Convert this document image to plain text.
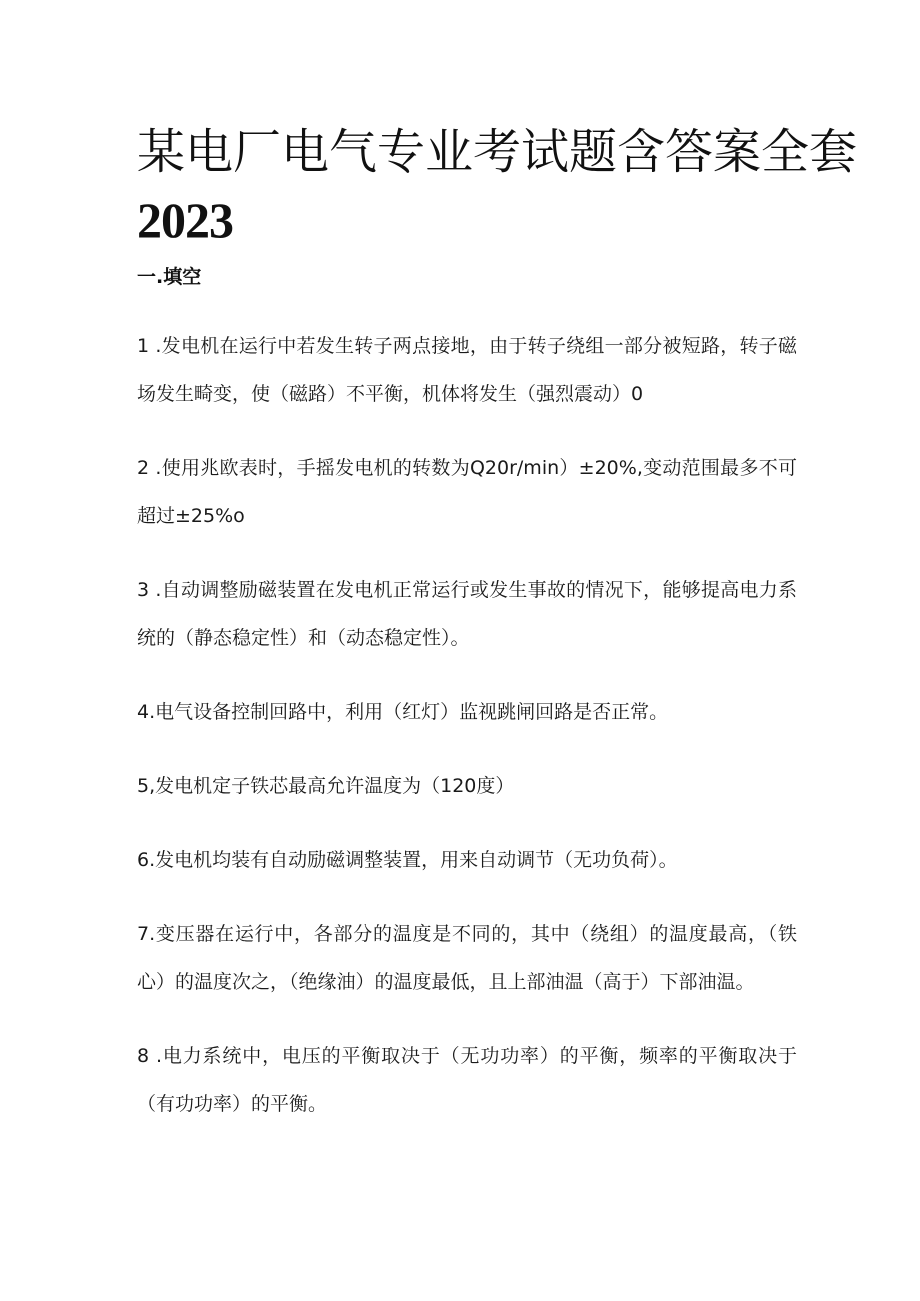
某电厂电气专业考试题含答案全套
2023
一.填空

1 .发电机在运行中若发生转子两点接地，由于转子绕组一部分被短路，转子磁场发生畸变，使（磁路）不平衡，机体将发生（强烈震动）0

2 .使用兆欧表时，手摇发电机的转数为Q20r/min）±20%,变动范围最多不可超过±25%o

3 .自动调整励磁装置在发电机正常运行或发生事故的情况下，能够提高电力系统的（静态稳定性）和（动态稳定性）。

4.电气设备控制回路中，利用（红灯）监视跳闸回路是否正常。

5,发电机定子铁芯最高允许温度为（120度）

6.发电机均装有自动励磁调整装置，用来自动调节（无功负荷）。

7.变压器在运行中，各部分的温度是不同的，其中（绕组）的温度最高，（铁心）的温度次之，（绝缘油）的温度最低，且上部油温（高于）下部油温。

8 .电力系统中，电压的平衡取决于（无功功率）的平衡，频率的平衡取决于（有功功率）的平衡。
